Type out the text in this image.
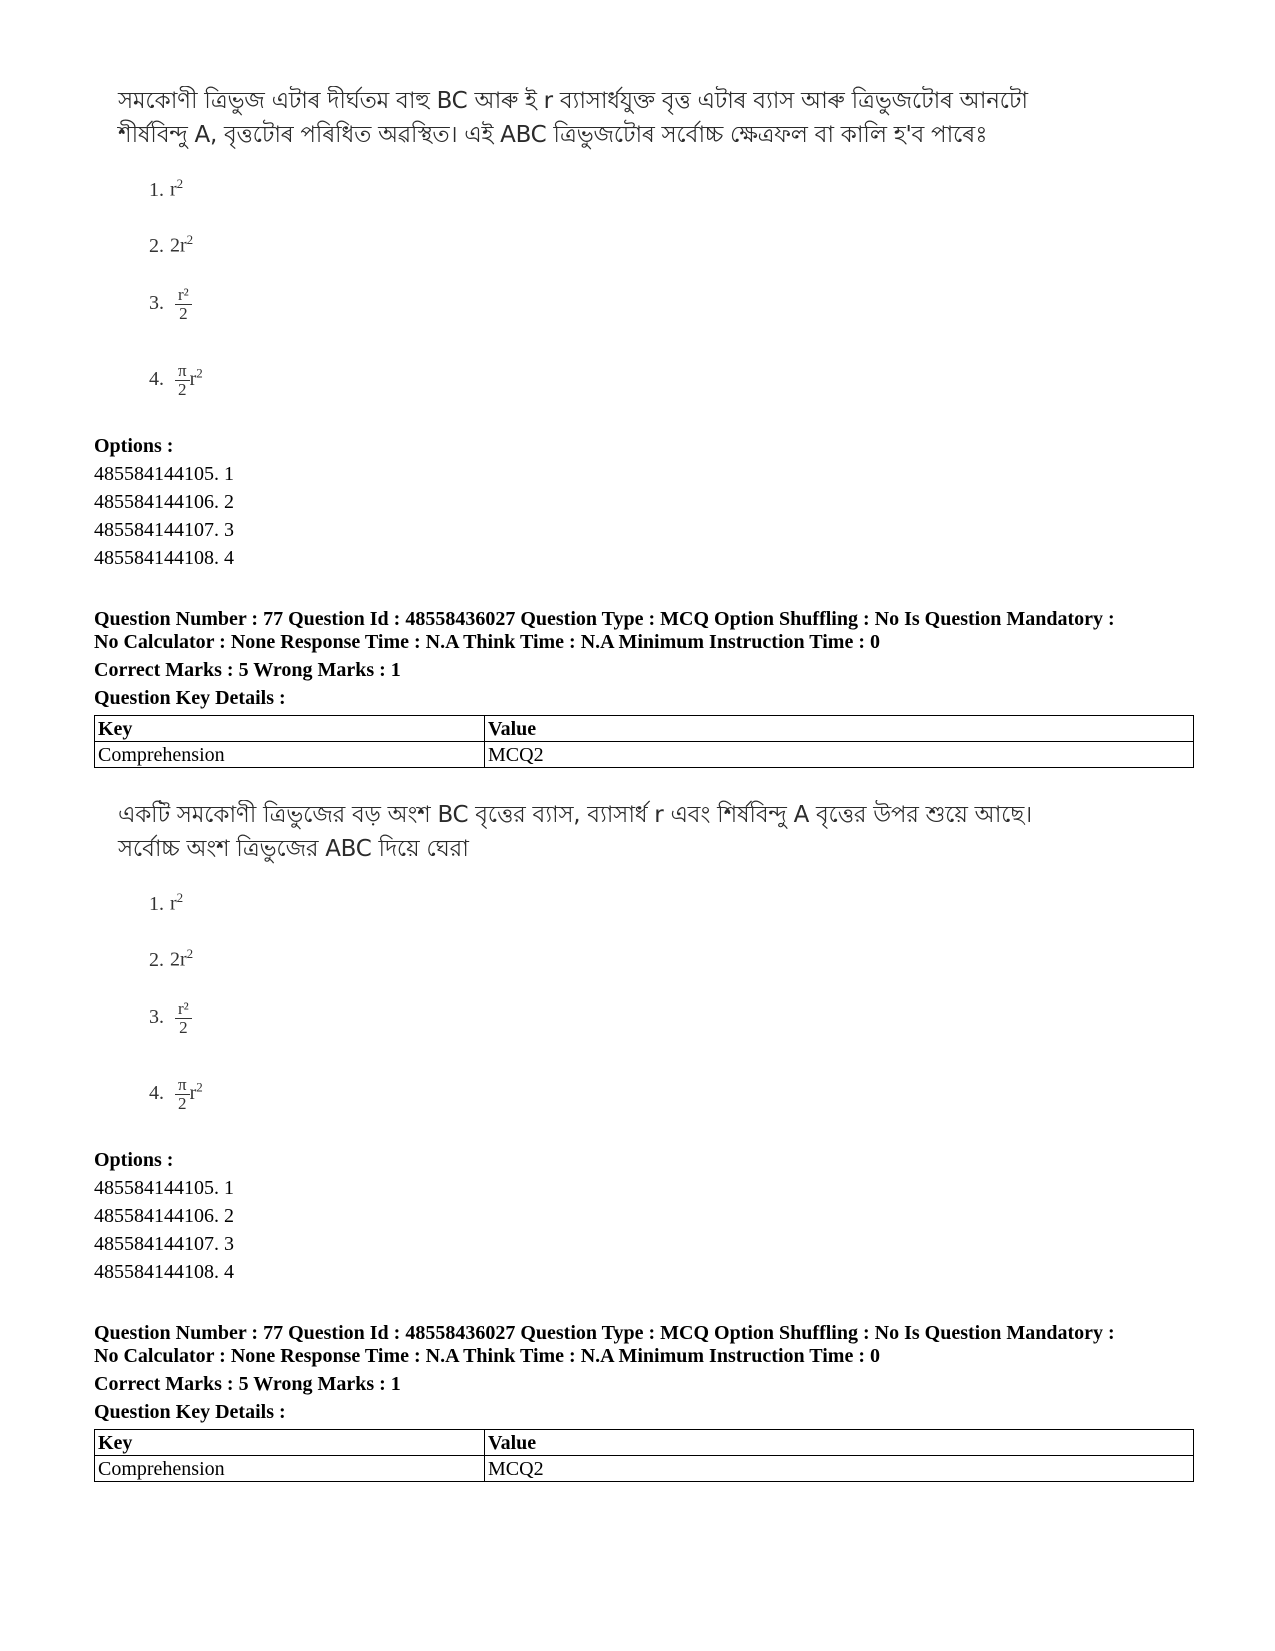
সমকোণী ত্ৰিভুজ এটাৰ দীৰ্ঘতম বাহু BC আৰু ই r ব্যাসাৰ্ধযুক্ত বৃত্ত এটাৰ ব্যাস আৰু ত্ৰিভুজটোৰ আনটো
শীৰ্ষবিন্দু A, বৃত্তটোৰ পৰিধিত অৱস্থিত। এই ABC ত্ৰিভুজটোৰ সৰ্বোচ্চ ক্ষেত্ৰফল বা কালি হ'ব পাৰেঃ
1. $r^2$
2. $2r^2$
3. $\frac{\text{r²}}{2}$
4. $\frac{\pi}{2} r^2$
Options :
485584144105. 1
485584144106. 2
485584144107. 3
485584144108. 4
Question Number : 77 Question Id : 48558436027 Question Type : MCQ Option Shuffling : No Is Question Mandatory :
No Calculator : None Response Time : N.A Think Time : N.A Minimum Instruction Time : 0
Correct Marks : 5 Wrong Marks : 1
Question Key Details :
Key	Value
Comprehension	MCQ2
একটি সমকোণী ত্রিভুজের বড় অংশ BC বৃত্তের ব্যাস, ব্যাসার্ধ r এবং শির্ষবিন্দু A বৃত্তের উপর শুয়ে আছে।
সর্বোচ্চ অংশ ত্রিভুজের ABC দিয়ে ঘেরা
1. $r^2$
2. $2r^2$
3. $\frac{\text{r²}}{2}$
4. $\frac{\pi}{2} r^2$
Options :
485584144105. 1
485584144106. 2
485584144107. 3
485584144108. 4
Question Number : 77 Question Id : 48558436027 Question Type : MCQ Option Shuffling : No Is Question Mandatory :
No Calculator : None Response Time : N.A Think Time : N.A Minimum Instruction Time : 0
Correct Marks : 5 Wrong Marks : 1
Question Key Details :
Key	Value
Comprehension	MCQ2
